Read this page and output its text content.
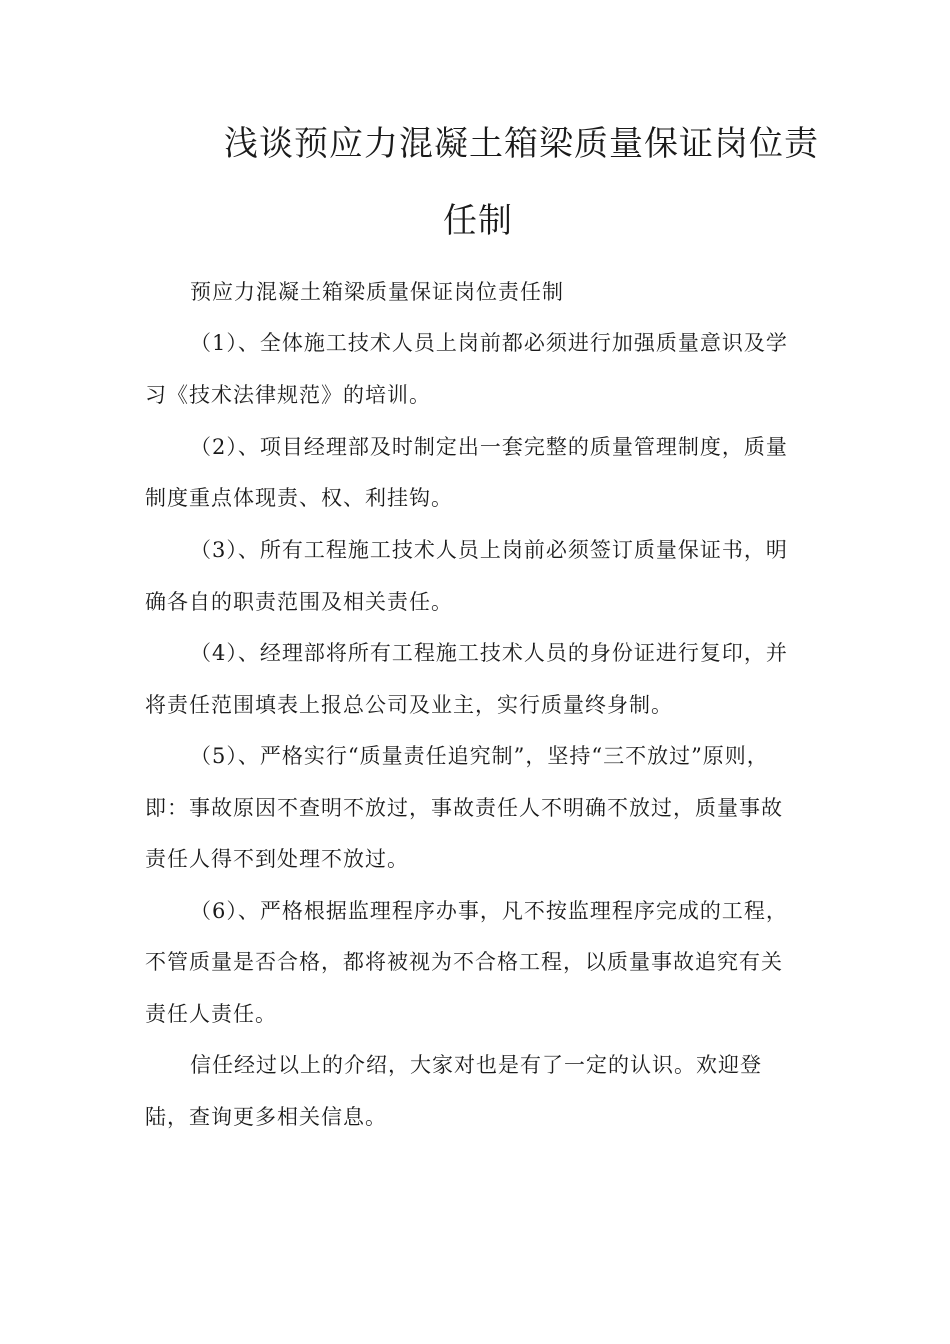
浅谈预应力混凝土箱梁质量保证岗位责
任制
预应力混凝土箱梁质量保证岗位责任制
（1）、全体施工技术人员上岗前都必须进行加强质量意识及学
习《技术法律规范》的培训。
（2）、项目经理部及时制定出一套完整的质量管理制度，质量
制度重点体现责、权、利挂钩。
（3）、所有工程施工技术人员上岗前必须签订质量保证书，明
确各自的职责范围及相关责任。
（4）、经理部将所有工程施工技术人员的身份证进行复印，并
将责任范围填表上报总公司及业主，实行质量终身制。
（5）、严格实行“质量责任追究制”，坚持“三不放过”原则，
即：事故原因不查明不放过，事故责任人不明确不放过，质量事故
责任人得不到处理不放过。
（6）、严格根据监理程序办事，凡不按监理程序完成的工程，
不管质量是否合格，都将被视为不合格工程，以质量事故追究有关
责任人责任。
信任经过以上的介绍，大家对也是有了一定的认识。欢迎登
陆，查询更多相关信息。
